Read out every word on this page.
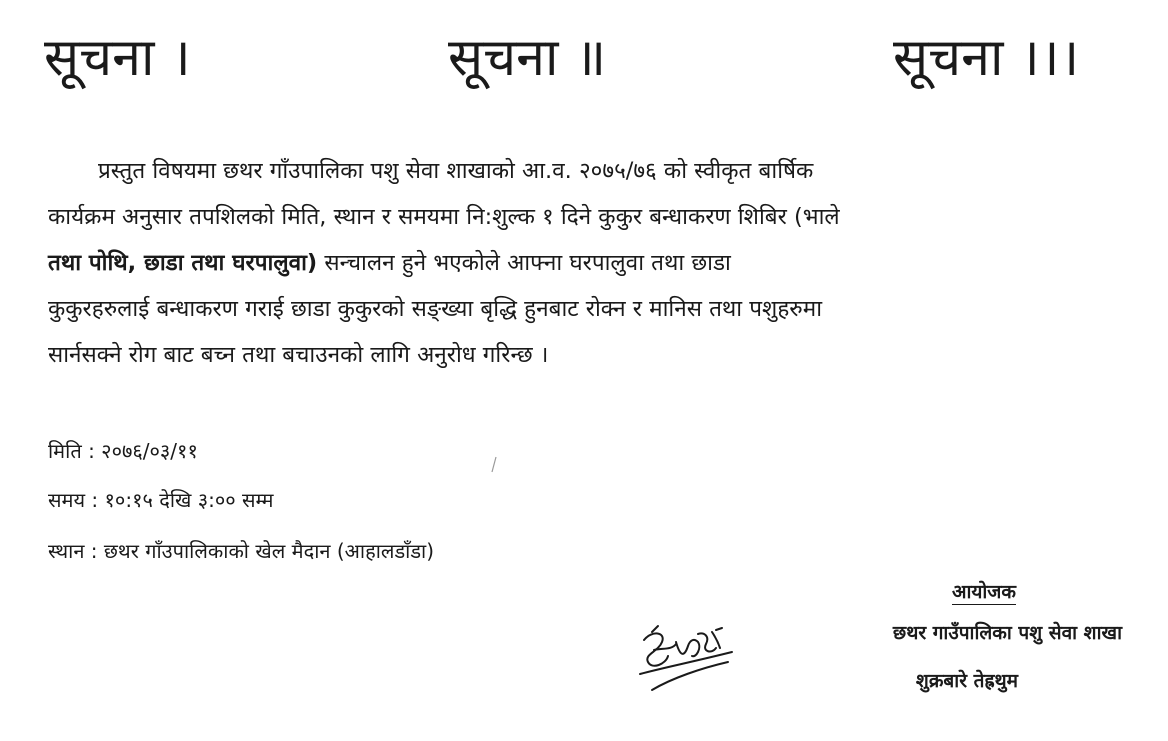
सूचना ।	सूचना ॥	सूचना ।।।

प्रस्तुत विषयमा छथर गाँउपालिका पशु सेवा शाखाको आ.व. २०७५/७६ को स्वीकृत बार्षिक
कार्यक्रम अनुसार तपशिलको मिति, स्थान र समयमा नि:शुल्क १ दिने कुकुर बन्धाकरण शिबिर (भाले
तथा पोथि, छाडा तथा घरपालुवा) सन्चालन हुने भएकोले आफ्ना घरपालुवा तथा छाडा
कुकुरहरुलाई बन्धाकरण गराई छाडा कुकुरको सङ्ख्या बृद्धि हुनबाट रोक्न र मानिस तथा पशुहरुमा
सार्नसक्ने रोग बाट बच्न तथा बचाउनको लागि अनुरोध गरिन्छ ।

मिति : २०७६/०३/११
समय : १०:१५ देखि ३:०० सम्म
स्थान : छथर गाँउपालिकाको खेल मैदान (आहालडाँडा)
आयोजक
छथर गाउँपालिका पशु सेवा शाखा
शुक्रबारे तेह्रथुम
